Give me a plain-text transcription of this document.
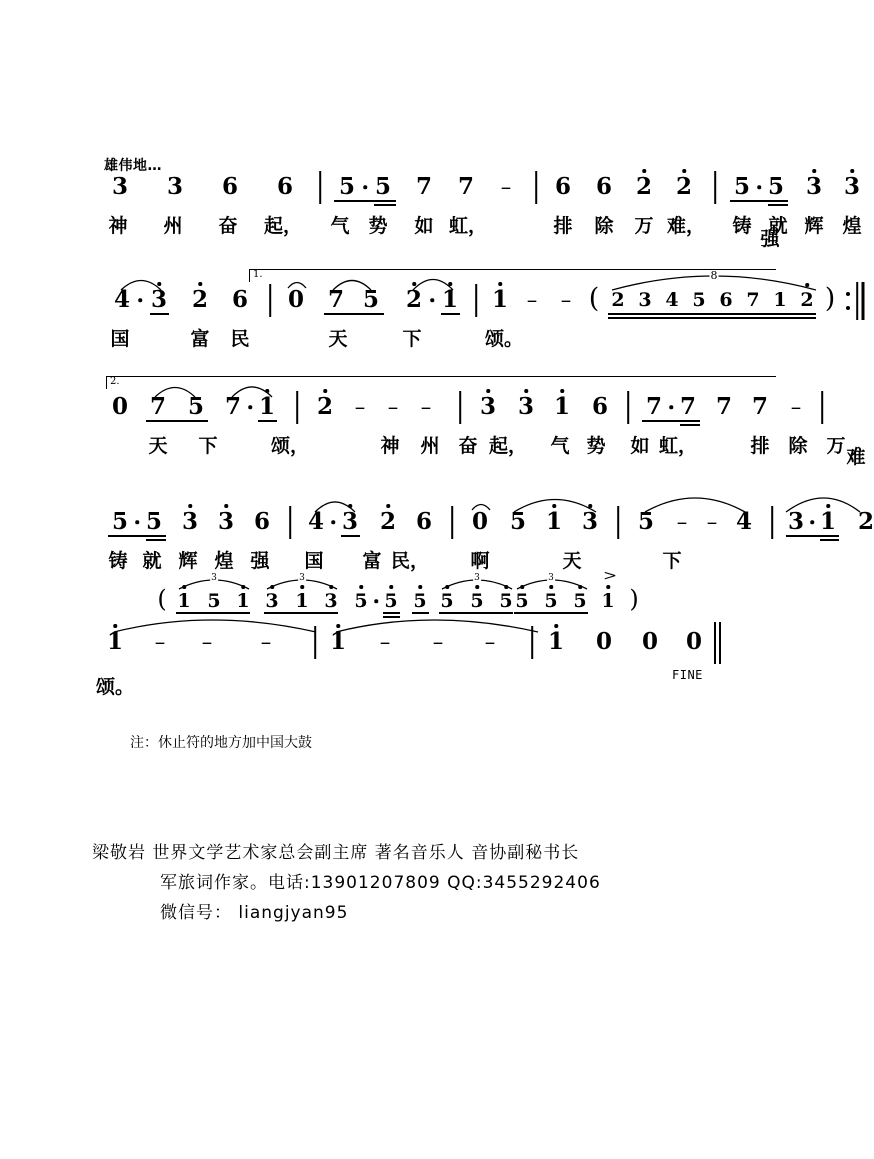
雄伟地…
3 3 6 6 5 5 7 7 – 6 6 2 2 5 5 3 3
神 州 奋 起， 气 势 如 虹，	排 除 万 难， 铸 就 辉 煌
强
1.
4 3 2 6 0 7 5 2 1 1 – – ( 2 3 4 5 6 7 1 2
8
)
国	富 民	天	下	颂。
2.
0 7 5 7 1 2 – – – 3 3 1 6 7 7 7 7 –
天 下	颂，	神 州 奋 起， 气 势 如 虹，	排 除 万 难
5 5 3 3 6 4 3 2 6 0 5 1 3 5 – – 4 3 1
铸 就 辉 煌 强 国 富 民， 啊	天	下
2
( 1 5 1
3
3 1 3
3
5 5 5 5 5 5
3
5 5 5
3
1
>
)
1 – – –	1 – – – 1 0 0 0
FINE
颂。
注：休止符的地方加中国大鼓
梁敬岩 世界文学艺术家总会副主席 著名音乐人 音协副秘书长
军旅词作家。电话:13901207809 QQ:3455292406
微信号： liangjyan95
